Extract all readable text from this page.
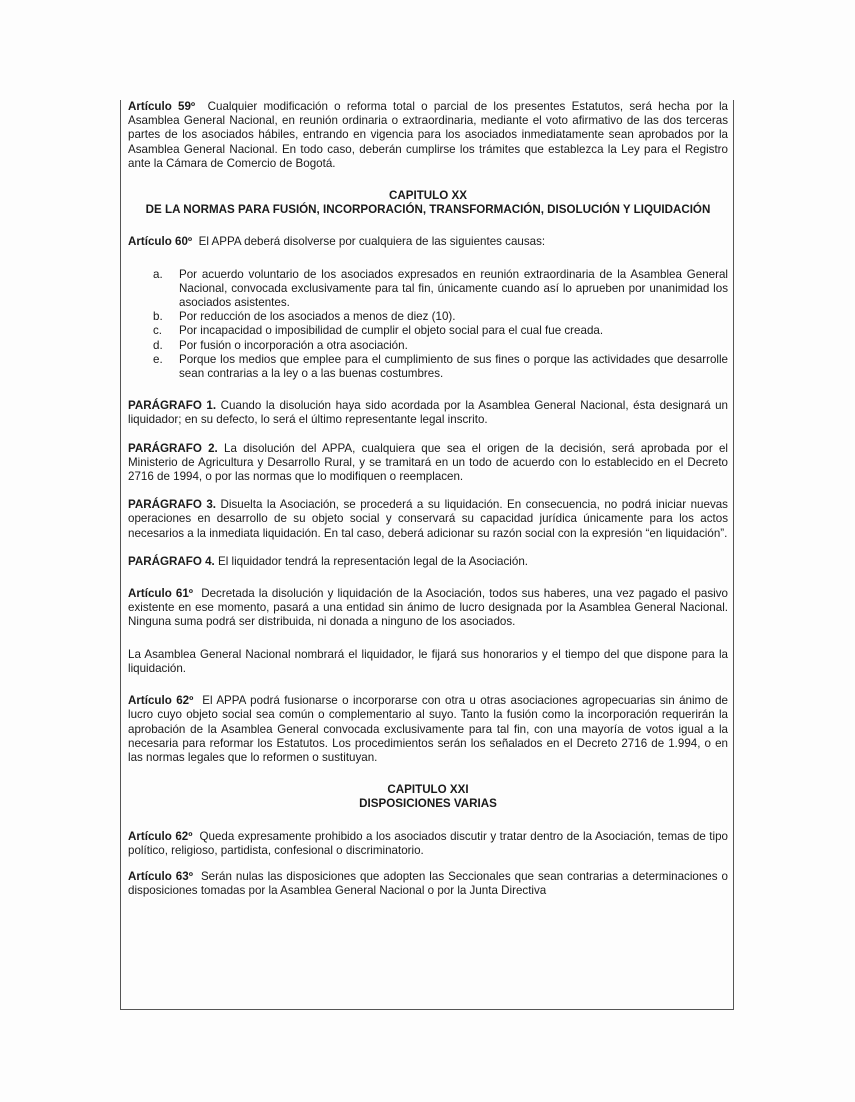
Artículo 59º Cualquier modificación o reforma total o parcial de los presentes Estatutos, será hecha por la Asamblea General Nacional, en reunión ordinaria o extraordinaria, mediante el voto afirmativo de las dos terceras partes de los asociados hábiles, entrando en vigencia para los asociados inmediatamente sean aprobados por la Asamblea General Nacional. En todo caso, deberán cumplirse los trámites que establezca la Ley para el Registro ante la Cámara de Comercio de Bogotá.

CAPITULO XX
DE LA NORMAS PARA FUSIÓN, INCORPORACIÓN, TRANSFORMACIÓN, DISOLUCIÓN Y LIQUIDACIÓN

Artículo 60º El APPA deberá disolverse por cualquiera de las siguientes causas:

a. Por acuerdo voluntario de los asociados expresados en reunión extraordinaria de la Asamblea General Nacional, convocada exclusivamente para tal fin, únicamente cuando así lo aprueben por unanimidad los asociados asistentes.
b. Por reducción de los asociados a menos de diez (10).
c. Por incapacidad o imposibilidad de cumplir el objeto social para el cual fue creada.
d. Por fusión o incorporación a otra asociación.
e. Porque los medios que emplee para el cumplimiento de sus fines o porque las actividades que desarrolle sean contrarias a la ley o a las buenas costumbres.

PARÁGRAFO 1. Cuando la disolución haya sido acordada por la Asamblea General Nacional, ésta designará un liquidador; en su defecto, lo será el último representante legal inscrito.

PARÁGRAFO 2. La disolución del APPA, cualquiera que sea el origen de la decisión, será aprobada por el Ministerio de Agricultura y Desarrollo Rural, y se tramitará en un todo de acuerdo con lo establecido en el Decreto 2716 de 1994, o por las normas que lo modifiquen o reemplacen.

PARÁGRAFO 3. Disuelta la Asociación, se procederá a su liquidación. En consecuencia, no podrá iniciar nuevas operaciones en desarrollo de su objeto social y conservará su capacidad jurídica únicamente para los actos necesarios a la inmediata liquidación. En tal caso, deberá adicionar su razón social con la expresión “en liquidación”.

PARÁGRAFO 4. El liquidador tendrá la representación legal de la Asociación.

Artículo 61º Decretada la disolución y liquidación de la Asociación, todos sus haberes, una vez pagado el pasivo existente en ese momento, pasará a una entidad sin ánimo de lucro designada por la Asamblea General Nacional. Ninguna suma podrá ser distribuida, ni donada a ninguno de los asociados.

La Asamblea General Nacional nombrará el liquidador, le fijará sus honorarios y el tiempo del que dispone para la liquidación.

Artículo 62º El APPA podrá fusionarse o incorporarse con otra u otras asociaciones agropecuarias sin ánimo de lucro cuyo objeto social sea común o complementario al suyo. Tanto la fusión como la incorporación requerirán la aprobación de la Asamblea General convocada exclusivamente para tal fin, con una mayoría de votos igual a la necesaria para reformar los Estatutos. Los procedimientos serán los señalados en el Decreto 2716 de 1.994, o en las normas legales que lo reformen o sustituyan.

CAPITULO XXI
DISPOSICIONES VARIAS

Artículo 62º Queda expresamente prohibido a los asociados discutir y tratar dentro de la Asociación, temas de tipo político, religioso, partidista, confesional o discriminatorio.

Artículo 63º Serán nulas las disposiciones que adopten las Seccionales que sean contrarias a determinaciones o disposiciones tomadas por la Asamblea General Nacional o por la Junta Directiva
